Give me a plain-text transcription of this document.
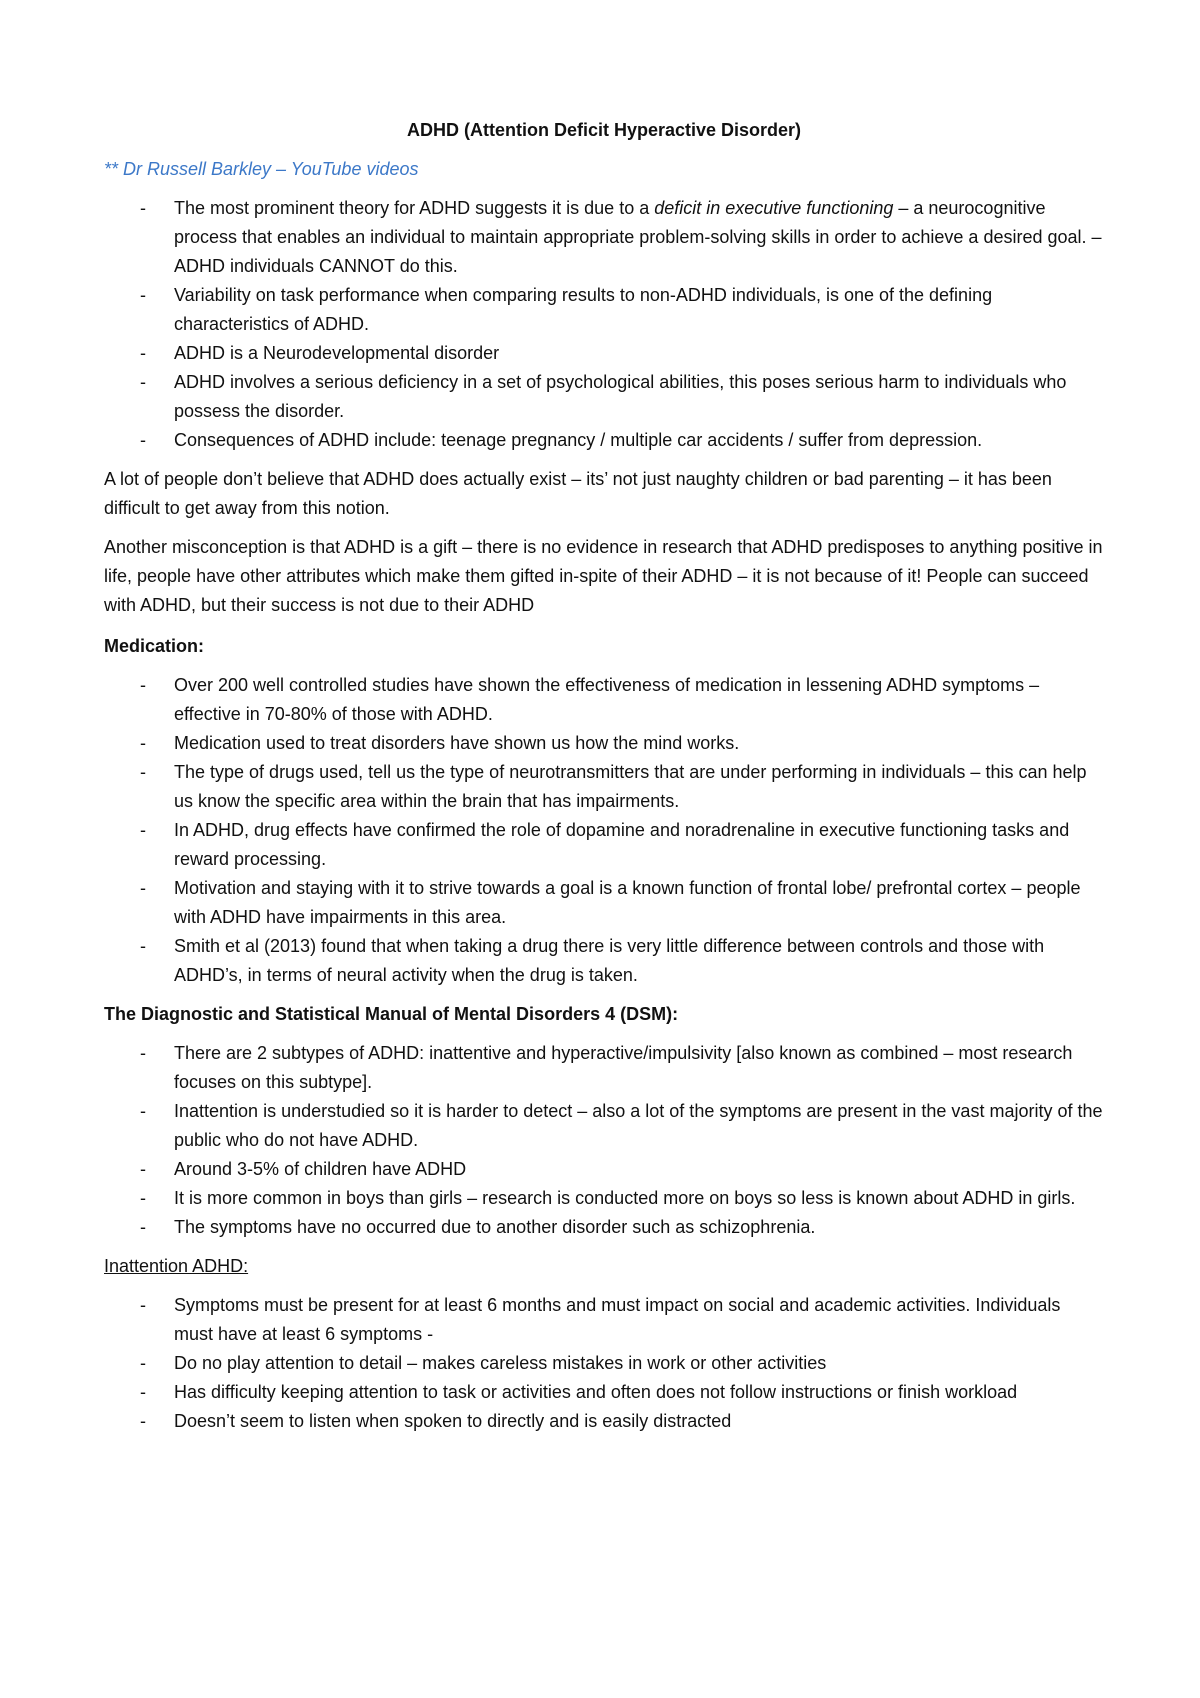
ADHD (Attention Deficit Hyperactive Disorder)
** Dr Russell Barkley – YouTube videos
- The most prominent theory for ADHD suggests it is due to a deficit in executive functioning – a neurocognitive process that enables an individual to maintain appropriate problem-solving skills in order to achieve a desired goal. – ADHD individuals CANNOT do this.
- Variability on task performance when comparing results to non-ADHD individuals, is one of the defining characteristics of ADHD.
- ADHD is a Neurodevelopmental disorder
- ADHD involves a serious deficiency in a set of psychological abilities, this poses serious harm to individuals who possess the disorder.
- Consequences of ADHD include: teenage pregnancy / multiple car accidents / suffer from depression.

A lot of people don’t believe that ADHD does actually exist – its’ not just naughty children or bad parenting – it has been difficult to get away from this notion.

Another misconception is that ADHD is a gift – there is no evidence in research that ADHD predisposes to anything positive in life, people have other attributes which make them gifted in-spite of their ADHD – it is not because of it! People can succeed with ADHD, but their success is not due to their ADHD

Medication:
- Over 200 well controlled studies have shown the effectiveness of medication in lessening ADHD symptoms – effective in 70-80% of those with ADHD.
- Medication used to treat disorders have shown us how the mind works.
- The type of drugs used, tell us the type of neurotransmitters that are under performing in individuals – this can help us know the specific area within the brain that has impairments.
- In ADHD, drug effects have confirmed the role of dopamine and noradrenaline in executive functioning tasks and reward processing.
- Motivation and staying with it to strive towards a goal is a known function of frontal lobe/ prefrontal cortex – people with ADHD have impairments in this area.
- Smith et al (2013) found that when taking a drug there is very little difference between controls and those with ADHD’s, in terms of neural activity when the drug is taken.
The Diagnostic and Statistical Manual of Mental Disorders 4 (DSM):
- There are 2 subtypes of ADHD: inattentive and hyperactive/impulsivity [also known as combined – most research focuses on this subtype].
- Inattention is understudied so it is harder to detect – also a lot of the symptoms are present in the vast majority of the public who do not have ADHD.
- Around 3-5% of children have ADHD
- It is more common in boys than girls – research is conducted more on boys so less is known about ADHD in girls.
- The symptoms have no occurred due to another disorder such as schizophrenia.
Inattention ADHD:
- Symptoms must be present for at least 6 months and must impact on social and academic activities. Individuals must have at least 6 symptoms -
- Do no play attention to detail – makes careless mistakes in work or other activities
- Has difficulty keeping attention to task or activities and often does not follow instructions or finish workload
- Doesn’t seem to listen when spoken to directly and is easily distracted
